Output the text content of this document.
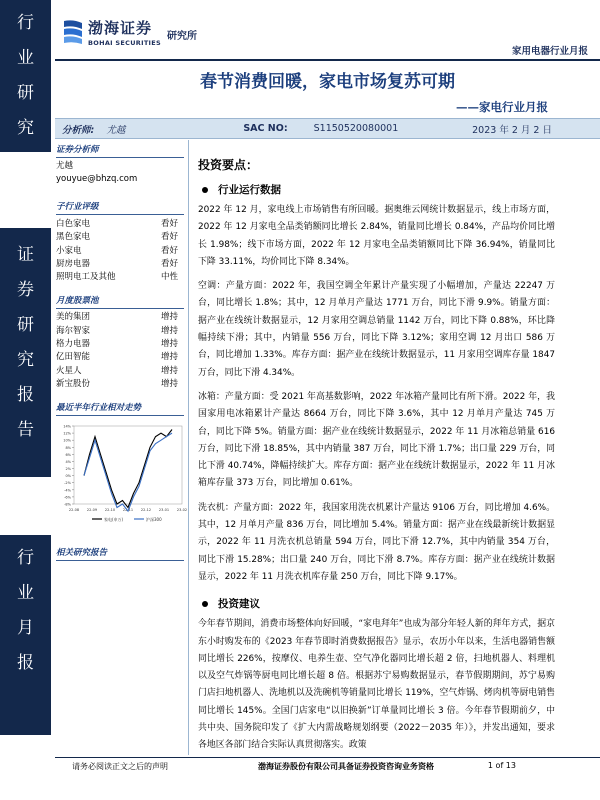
行
业
研
究
证
券
研
究
报
告
行
业
月
报
渤海证券
BOHAI SECURITIES
研究所
家用电器行业月报
春节消费回暖，家电市场复苏可期
——家电行业月报
分析师: 尤越	SAC NO:	S1150520080001	2023 年 2 月 2 日
证券分析师
尤越
youyue@bhzq.com
子行业评级
白色家电	看好
黑色家电	看好
小家电	看好
厨房电器	看好
照明电工及其他	中性
月度股票池
美的集团	增持
海尔智家	增持
格力电器	增持
亿田智能	增持
火星人	增持
新宝股份	增持
最近半年行业相对走势
14%
12%
10%
8%
6%
4%
2%
0%
-2%
-4%
-6%
-8%
22-08 22-09 22-10 22-11 22-12 23-01 23-02
家电(申万)	沪深300
相关研究报告
投资要点：
行业运行数据

2022 年 12 月，家电线上市场销售有所回暖。据奥维云网统计数据显示，线上市场方面，2022 年 12 月家电全品类销额同比增长 2.84%，销量同比增长 0.84%，产品均价同比增长 1.98%；线下市场方面，2022 年 12 月家电全品类销额同比下降 36.94%，销量同比下降 33.11%，均价同比下降 8.34%。

空调：产量方面：2022 年，我国空调全年累计产量实现了小幅增加，产量达 22247 万台，同比增长 1.8%；其中，12 月单月产量达 1771 万台，同比下滑 9.9%。销量方面：据产业在线统计数据显示，12 月家用空调总销量 1142 万台，同比下降 0.88%，环比降幅持续下滑；其中，内销量 556 万台，同比下降 3.12%；家用空调 12 月出口 586 万台，同比增加 1.33%。库存方面：据产业在线统计数据显示，11 月家用空调库存量 1847 万台，同比下滑 4.34%。

冰箱：产量方面：受 2021 年高基数影响，2022 年冰箱产量同比有所下滑。2022 年，我国家用电冰箱累计产量达 8664 万台，同比下降 3.6%，其中 12 月单月产量达 745 万台，同比下降 5%。销量方面：据产业在线统计数据显示，2022 年 11 月冰箱总销量 616 万台，同比下滑 18.85%，其中内销量 387 万台，同比下滑 1.7%；出口量 229 万台，同比下滑 40.74%，降幅持续扩大。库存方面：据产业在线统计数据显示，2022 年 11 月冰箱库存量 373 万台，同比增加 0.61%。

洗衣机：产量方面：2022 年，我国家用洗衣机累计产量达 9106 万台，同比增加 4.6%。其中，12 月单月产量 836 万台，同比增加 5.4%。销量方面：据产业在线最新统计数据显示，2022 年 11 月洗衣机总销量 594 万台，同比下滑 12.7%，其中内销量 354 万台，同比下滑 15.28%；出口量 240 万台，同比下滑 8.7%。库存方面：据产业在线统计数据显示，2022 年 11 月洗衣机库存量 250 万台，同比下降 9.17%。

投资建议

今年春节期间，消费市场整体向好回暖，“家电拜年”也成为部分年轻人新的拜年方式，据京东小时购发布的《2023 年春节即时消费数据报告》显示，农历小年以来，生活电器销售额同比增长 226%，按摩仪、电养生壶、空气净化器同比增长超 2 倍，扫地机器人、料理机以及空气炸锅等厨电同比增长超 8 倍。根据苏宁易购数据显示，春节假期期间，苏宁易购门店扫地机器人、洗地机以及洗碗机等销量同比增长 119%，空气炸锅、烤肉机等厨电销售同比增长 145%。全国门店家电“以旧换新”订单量同比增长 3 倍。今年春节假期前夕，中共中央、国务院印发了《扩大内需战略规划纲要（2022－2035 年）》，并发出通知，要求各地区各部门结合实际认真贯彻落实。政策

请务必阅读正文之后的声明	渤海证券股份有限公司具备证券投资咨询业务资格	1 of 13
